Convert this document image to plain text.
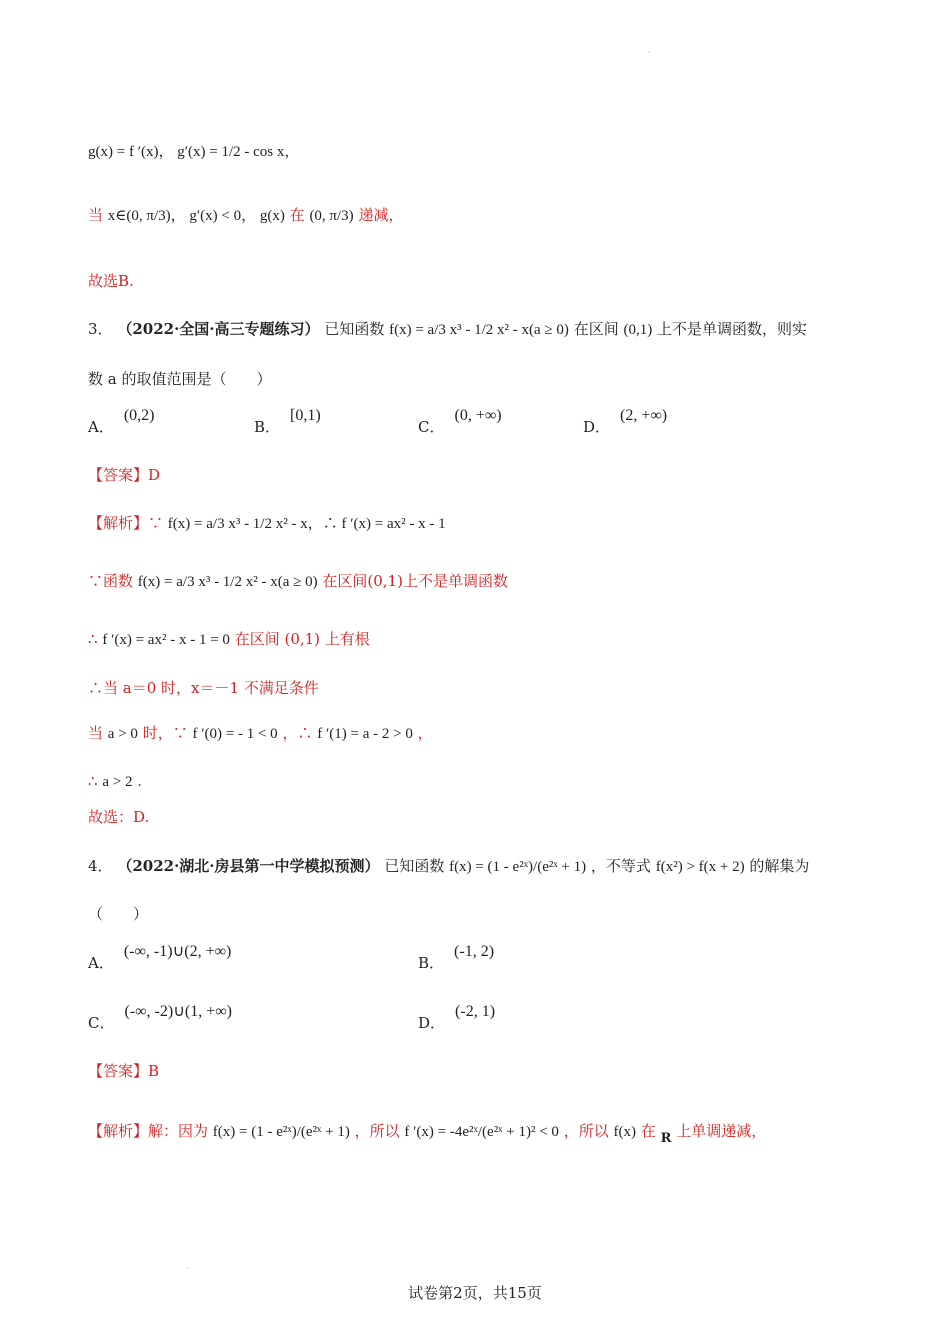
·
g(x) = f ′(x)， g′(x) = 1/2 - cos x，
当 x∈(0, π/3)， g′(x) < 0， g(x) 在 (0, π/3) 递减，
故选B.
3． （2022·全国·高三专题练习） 已知函数 f(x) = a/3 x³ - 1/2 x² - x(a ≥ 0) 在区间 (0,1) 上不是单调函数，则实
数 a 的取值范围是（　　）
A．(0,2)
B．[0,1)
C．(0, +∞)
D．(2, +∞)
【答案】D
【解析】∵ f(x) = a/3 x³ - 1/2 x² - x，∴ f ′(x) = ax² - x - 1
∵函数 f(x) = a/3 x³ - 1/2 x² - x(a ≥ 0) 在区间(0,1)上不是单调函数
∴ f ′(x) = ax² - x - 1 = 0 在区间 (0,1) 上有根
∴当 a＝0 时，x＝－1 不满足条件
当 a > 0 时，∵ f ′(0) = - 1 < 0 ，∴ f ′(1) = a - 2 > 0 ，
∴ a > 2 .
故选：D.
4． （2022·湖北·房县第一中学模拟预测） 已知函数 f(x) = (1 - e²ˣ)/(e²ˣ + 1) ，不等式 f(x²) > f(x + 2) 的解集为
（　　）
A．(-∞, -1)∪(2, +∞)
B．(-1, 2)
C．(-∞, -2)∪(1, +∞)
D．(-2, 1)
【答案】B
【解析】解：因为 f(x) = (1 - e²ˣ)/(e²ˣ + 1) ，所以 f ′(x) = -4e²ˣ/(e²ˣ + 1)² < 0 ，所以 f(x) 在 R 上单调递减，
·
试卷第2页，共15页
